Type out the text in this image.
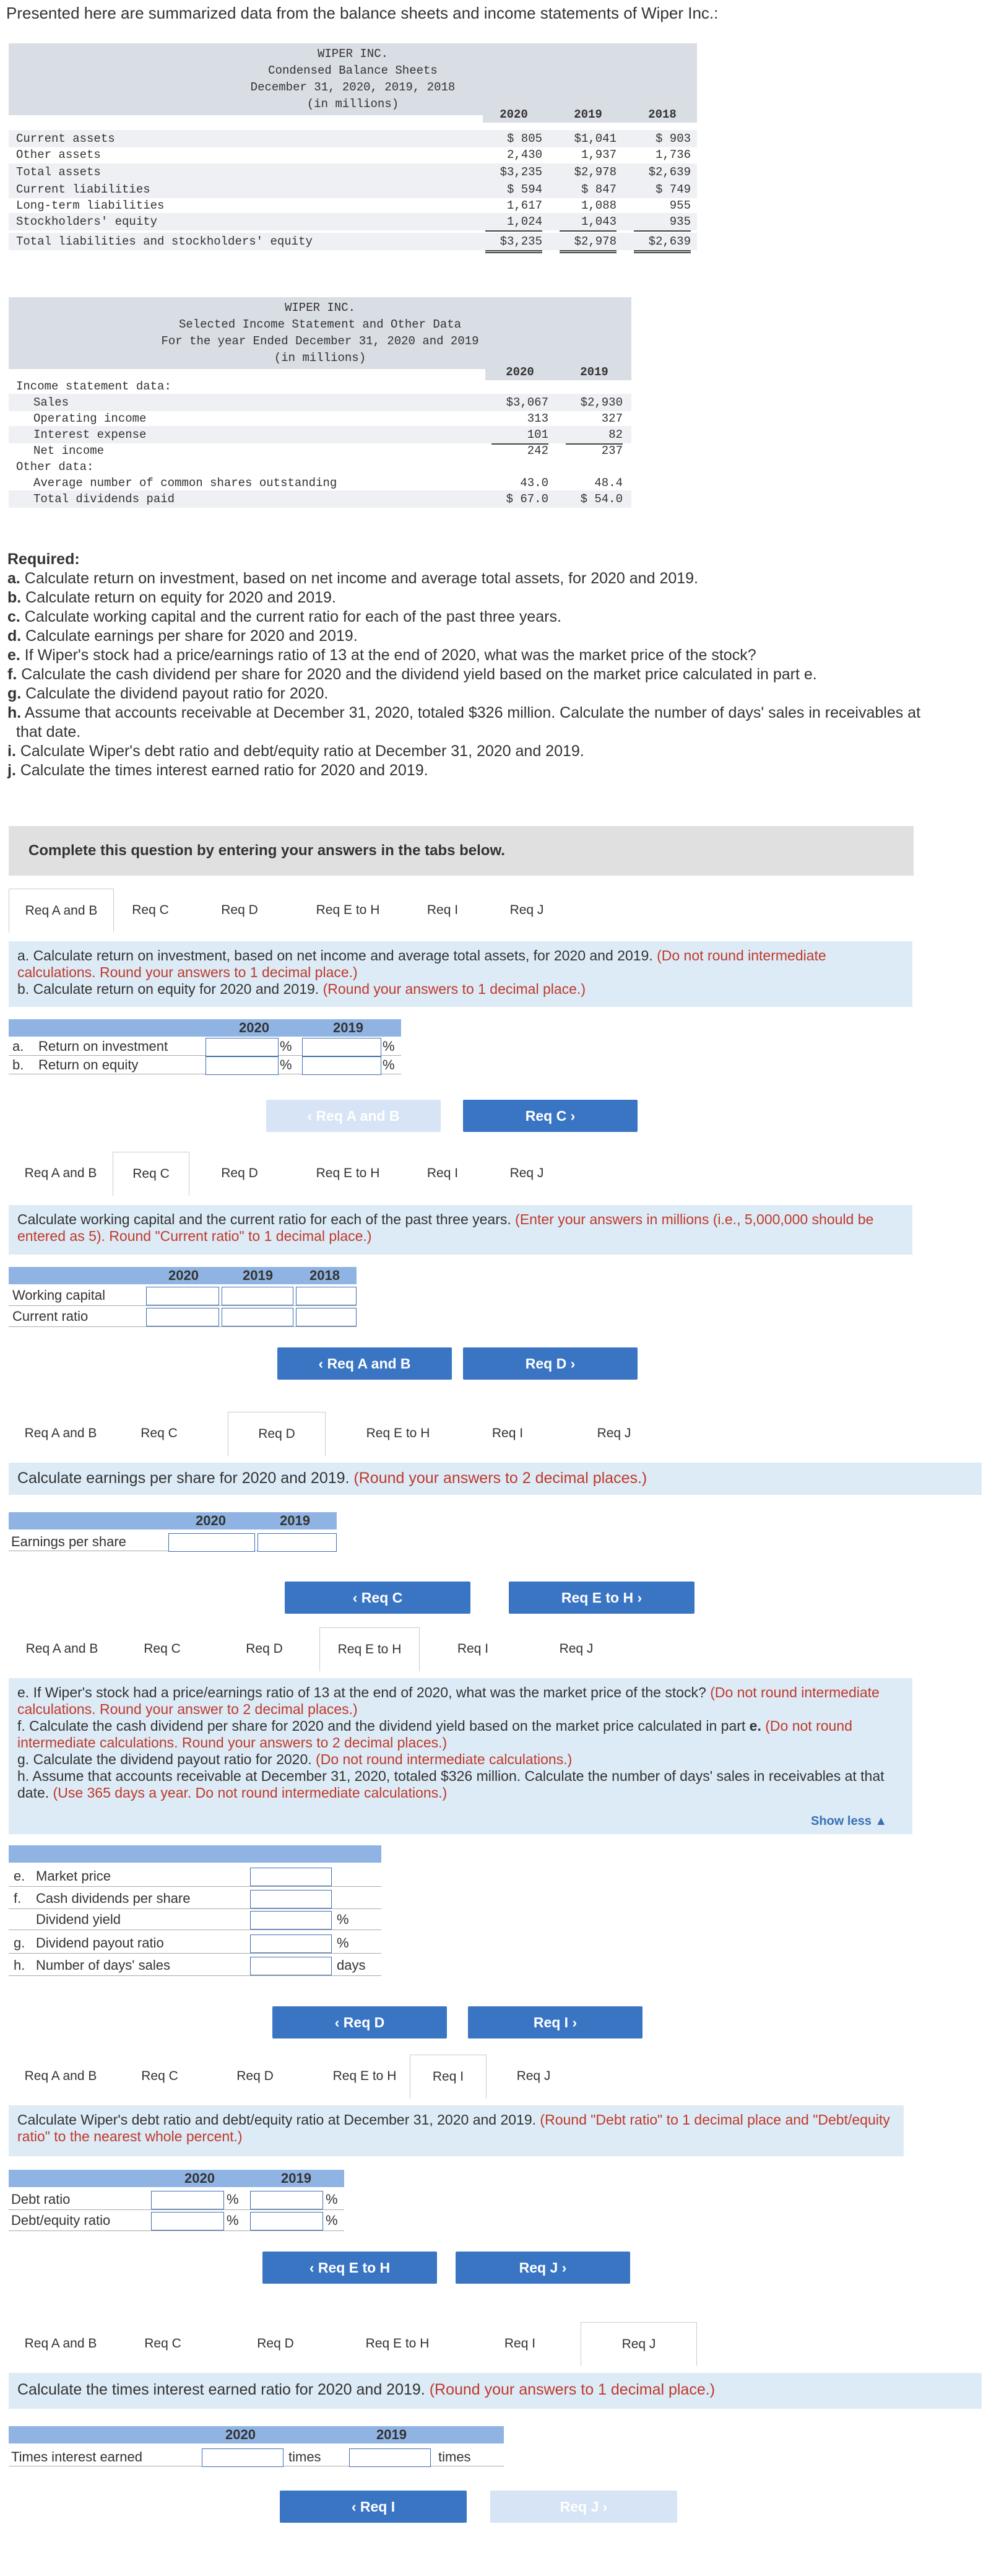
Presented here are summarized data from the balance sheets and income statements of Wiper Inc.:
WIPER INC.
Condensed Balance Sheets
December 31, 2020, 2019, 2018
(in millions)
2020	2019	2018
Current assets	$ 805	$1,041	$ 903
Other assets	2,430	1,937	1,736
Total assets	$3,235	$2,978	$2,639
Current liabilities	$ 594	$ 847	$ 749
Long-term liabilities	1,617	1,088	955
Stockholders' equity	1,024	1,043	935
Total liabilities and stockholders' equity	$3,235	$2,978	$2,639
WIPER INC.
Selected Income Statement and Other Data
For the year Ended December 31, 2020 and 2019
(in millions)
2020	2019
Income statement data:
Sales	$3,067	$2,930
Operating income	313	327
Interest expense	101	82
Net income	242	237
Other data:
Average number of common shares outstanding	43.0	48.4
Total dividends paid	$ 67.0	$ 54.0
Required:
a. Calculate return on investment, based on net income and average total assets, for 2020 and 2019.
b. Calculate return on equity for 2020 and 2019.
c. Calculate working capital and the current ratio for each of the past three years.
d. Calculate earnings per share for 2020 and 2019.
e. If Wiper's stock had a price/earnings ratio of 13 at the end of 2020, what was the market price of the stock?
f. Calculate the cash dividend per share for 2020 and the dividend yield based on the market price calculated in part e.
g. Calculate the dividend payout ratio for 2020.
h. Assume that accounts receivable at December 31, 2020, totaled $326 million. Calculate the number of days' sales in receivables at
that date.
i. Calculate Wiper's debt ratio and debt/equity ratio at December 31, 2020 and 2019.
j. Calculate the times interest earned ratio for 2020 and 2019.
Complete this question by entering your answers in the tabs below.
Req A and B	Req C	Req D	Req E to H	Req I	Req J
a. Calculate return on investment, based on net income and average total assets, for 2020 and 2019. (Do not round intermediate calculations. Round your answers to 1 decimal place.)
b. Calculate return on equity for 2020 and 2019. (Round your answers to 1 decimal place.)
2020	2019
a. Return on investment	%	%
b. Return on equity	%	%
‹ Req A and B	Req C ›
Req A and B	Req C	Req D	Req E to H	Req I	Req J
Calculate working capital and the current ratio for each of the past three years. (Enter your answers in millions (i.e., 5,000,000 should be entered as 5). Round "Current ratio" to 1 decimal place.)
2020	2019	2018
Working capital
Current ratio
‹ Req A and B	Req D ›
Req A and B	Req C	Req D	Req E to H	Req I	Req J
Calculate earnings per share for 2020 and 2019. (Round your answers to 2 decimal places.)
2020	2019
Earnings per share
‹ Req C	Req E to H ›
Req A and B	Req C	Req D	Req E to H	Req I	Req J
e. If Wiper's stock had a price/earnings ratio of 13 at the end of 2020, what was the market price of the stock? (Do not round intermediate calculations. Round your answer to 2 decimal places.)
f. Calculate the cash dividend per share for 2020 and the dividend yield based on the market price calculated in part e. (Do not round intermediate calculations. Round your answers to 2 decimal places.)
g. Calculate the dividend payout ratio for 2020. (Do not round intermediate calculations.)
h. Assume that accounts receivable at December 31, 2020, totaled $326 million. Calculate the number of days' sales in receivables at that date. (Use 365 days a year. Do not round intermediate calculations.)
Show less ▲
e. Market price
f. Cash dividends per share
Dividend yield	%
g. Dividend payout ratio	%
h. Number of days' sales	days
‹ Req D	Req I ›
Req A and B	Req C	Req D	Req E to H	Req I	Req J
Calculate Wiper's debt ratio and debt/equity ratio at December 31, 2020 and 2019. (Round "Debt ratio" to 1 decimal place and "Debt/equity ratio" to the nearest whole percent.)
2020	2019
Debt ratio	%	%
Debt/equity ratio	%	%
‹ Req E to H	Req J ›
Req A and B	Req C	Req D	Req E to H	Req I	Req J
Calculate the times interest earned ratio for 2020 and 2019. (Round your answers to 1 decimal place.)
2020	2019
Times interest earned	times	times
‹ Req I	Req J ›
